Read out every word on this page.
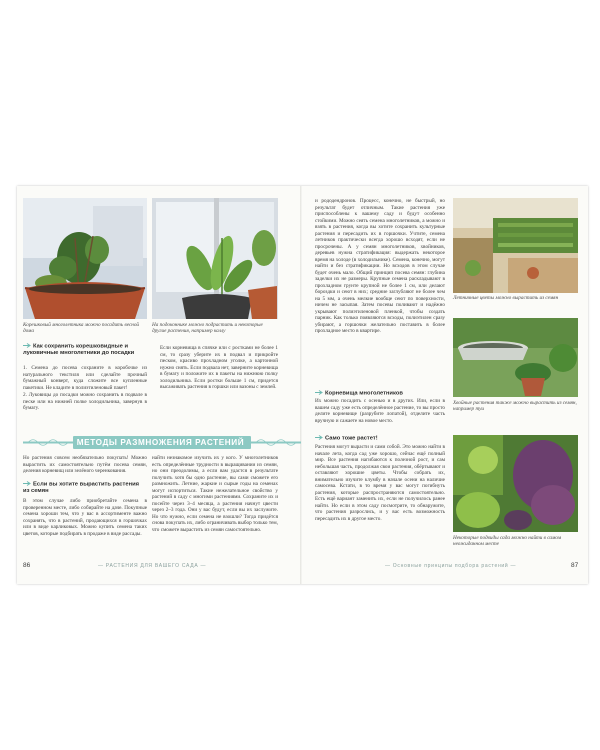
Корешковый многолетника можно посадить весной дома
На подоконнике можно подрастить и некоторые другие растения, например каллу
Как сохранить корешковидные и луковичные многолетники до посадки

1. Семена до посева сохраните в коробочке из натурального текстиля или сделайте прочный бумажный конверт, куда сложите все купленные пакетики. Не кладите в полиэтиленовый пакет!

2. Луковицы до посадки можно сохранить в подвале в песке или на нижней полке холодильника, завернув в бумагу.

Если корневища в спячке или с ростками не более 1 см, то сразу уберите их в подвал и прикройте песком, красиво прохладном уголке, а картонной нужно снять. Если подвала нет, заверните корневища в бумагу и положите их в пакеты на нижнюю полку холодильника. Если ростки больше 1 см, придется высаживать растения в горшки или вазоны с землей.
МЕТОДЫ РАЗМНОЖЕНИЯ РАСТЕНИЙ
Но растения совсем необязательно покупать! Можно вырастить их самостоятельно путём посева семян, деления корневищ или зелёного черенкования.
Если вы хотите вырастить растения из семян
В этом случае либо приобретайте семена в проверенном месте, либо собирайте на даче. Покупные семена хороши тем, что у вас в ассортименте важно сохранять, что в растений, продающихся в горшочках или в виде карликовых. Можно купить семена таких цветов, которые подбирать в продаже в виде рассады.
найти незнакомое изучить их у кого. У многолетников есть определённые трудности в выращивании из семян, но они преодолимы, а если вам удастся в результате получить хотя бы одно растение, вы сами сможете его размножить. Летние, жаркие и сырые годы на семенах могут испортиться. Такие нежелательное свойство у растений в саду с многими растениями. Сохраните их и посейте через 3–4 месяца, а растения начнут цвести через 2–3 года. Они у вас будут, если вы их заслужите. Но что нужно, если семена не взошли? Тогда придётся снова покупать их, либо ограничивать выбор только тем, что сможете вырастить из семян самостоятельно.
86	— РАСТЕНИЯ ДЛЯ ВАШЕГО САДА —
и рододендронов. Процесс, конечно, не быстрый, но результат будет отличным. Такие растения уже приспособлены к вашему саду и будут особенно стойкими. Можно сеять семена многолетников, а можно и взять в растения, когда вы хотите сохранить культурные растения и пересадить их в горшочки. Учтите, семена летников практически всегда хорошо всходят, если не просрочены. А у семян многолетников, хвойников, деревьев нужна стратификация: выдержать некоторое время на холоде (в холодильнике). Семена, конечно, могут найти и без стратификации. Но всходов в этом случае будет очень мало. Общий принцип посева семян: глубина заделки их не размеры. Крупные семена раскладывают в прохладном грунте крупной не более 1 см, или делают бороздки и сеют в них; средние заглубляют не более чем на 5 мм, а очень мелкие вообще сеют по поверхности, ничем не засыпая. Затем посевы поливают и надёжно укрывают полиэтиленовой пленкой, чтобы создать парник. Как только появляются всходы, полиэтилен сразу убирают, а горшочки желательно поставить в более прохладное место в квартире.
Корневища многолетников
Их можно посадить с осенью и в других. Или, если в вашем саду уже есть определённое растение, то вы просто делите корневище (разрубите лопатой), отделите часть вручную и сажаете на новое место.
Само тоже растет!
Растения могут вырасти и сами собой. Это можно найти в начале лета, когда сад уже хорошо, сейчас ещё полный мир. Все растения нагибаются к полезной рост, и сам небольшая часть, продолжая свои растения, обёртывают и оставляют хорошие цветы. Чтобы собрать их, внимательно изучите клумбу в начале осени на наличие самосева. Кстати, в то время у вас могут погибнуть растения, которые распространяются самостоятельно. Есть ещё вариант заменить их, если не получилось ранее найти. Но если в этом саду посмотрите, то обнаружите, что растения разрослись, и у вас есть возможность пересадить их в другое место.
Летничные цветы можно вырастить из семян
Хвойные растения также можно вырастить из семян, например туи
Некоторые подвиды сада можно найти в самом неожиданном месте
— Основные принципы подбора растений —	87
